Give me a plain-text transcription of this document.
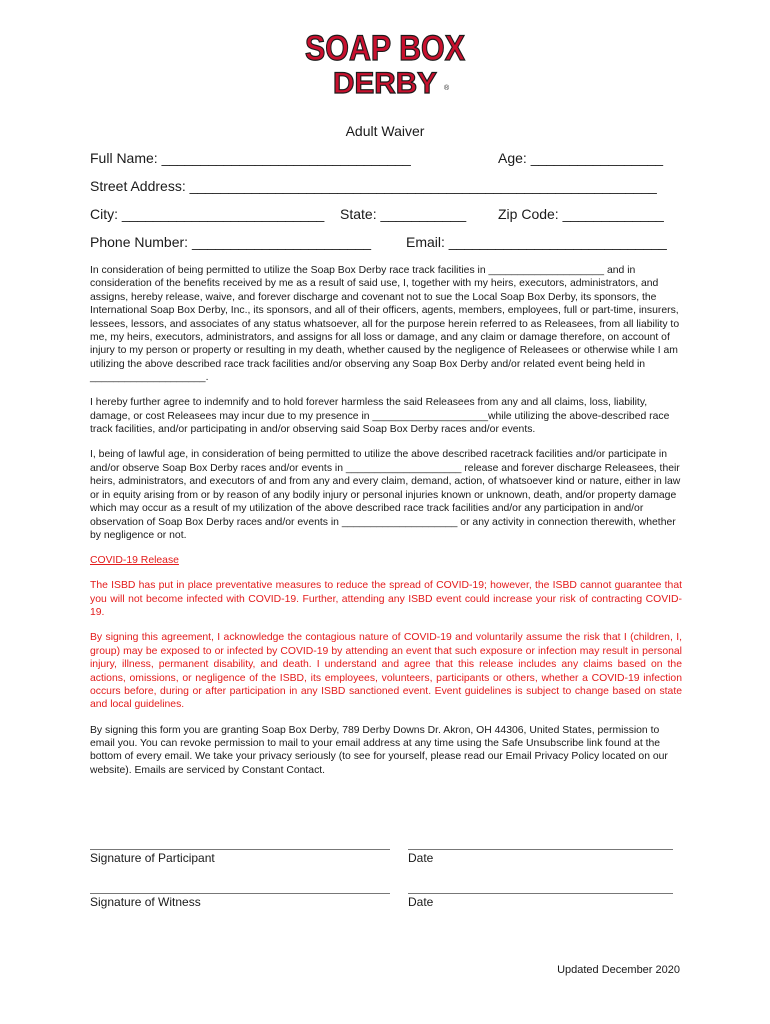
SOAP BOX
DERBY ®
Adult Waiver
Full Name: ________________________________	Age: _________________
Street Address: ____________________________________________________________
City: __________________________ State: ___________ Zip Code: _____________
Phone Number: _______________________ Email: ____________________________

In consideration of being permitted to utilize the Soap Box Derby race track facilities in ____________________ and in consideration of the benefits received by me as a result of said use, I, together with my heirs, executors, administrators, and assigns, hereby release, waive, and forever discharge and covenant not to sue the Local Soap Box Derby, its sponsors, the International Soap Box Derby, Inc., its sponsors, and all of their officers, agents, members, employees, full or part-time, insurers, lessees, lessors, and associates of any status whatsoever, all for the purpose herein referred to as Releasees, from all liability to me, my heirs, executors, administrators, and assigns for all loss or damage, and any claim or damage therefore, on account of injury to my person or property or resulting in my death, whether caused by the negligence of Releasees or otherwise while I am utilizing the above described race track facilities and/or observing any Soap Box Derby and/or related event being held in ____________________.

I hereby further agree to indemnify and to hold forever harmless the said Releasees from any and all claims, loss, liability, damage, or cost Releasees may incur due to my presence in ____________________while utilizing the above-described race track facilities, and/or participating in and/or observing said Soap Box Derby races and/or events.

I, being of lawful age, in consideration of being permitted to utilize the above described racetrack facilities and/or participate in and/or observe Soap Box Derby races and/or events in ____________________ release and forever discharge Releasees, their heirs, administrators, and executors of and from any and every claim, demand, action, of whatsoever kind or nature, either in law or in equity arising from or by reason of any bodily injury or personal injuries known or unknown, death, and/or property damage which may occur as a result of my utilization of the above described race track facilities and/or any participation in and/or observation of Soap Box Derby races and/or events in ____________________ or any activity in connection therewith, whether by negligence or not.

COVID-19 Release

The ISBD has put in place preventative measures to reduce the spread of COVID-19; however, the ISBD cannot guarantee that you will not become infected with COVID-19. Further, attending any ISBD event could increase your risk of contracting COVID-19.

By signing this agreement, I acknowledge the contagious nature of COVID-19 and voluntarily assume the risk that I (children, I, group) may be exposed to or infected by COVID-19 by attending an event that such exposure or infection may result in personal injury, illness, permanent disability, and death. I understand and agree that this release includes any claims based on the actions, omissions, or negligence of the ISBD, its employees, volunteers, participants or others, whether a COVID-19 infection occurs before, during or after participation in any ISBD sanctioned event. Event guidelines is subject to change based on state and local guidelines.

By signing this form you are granting Soap Box Derby, 789 Derby Downs Dr. Akron, OH 44306, United States, permission to email you. You can revoke permission to mail to your email address at any time using the Safe Unsubscribe link found at the bottom of every email. We take your privacy seriously (to see for yourself, please read our Email Privacy Policy located on our website). Emails are serviced by Constant Contact.

Signature of Participant	Date
Signature of Witness	Date
Updated December 2020
